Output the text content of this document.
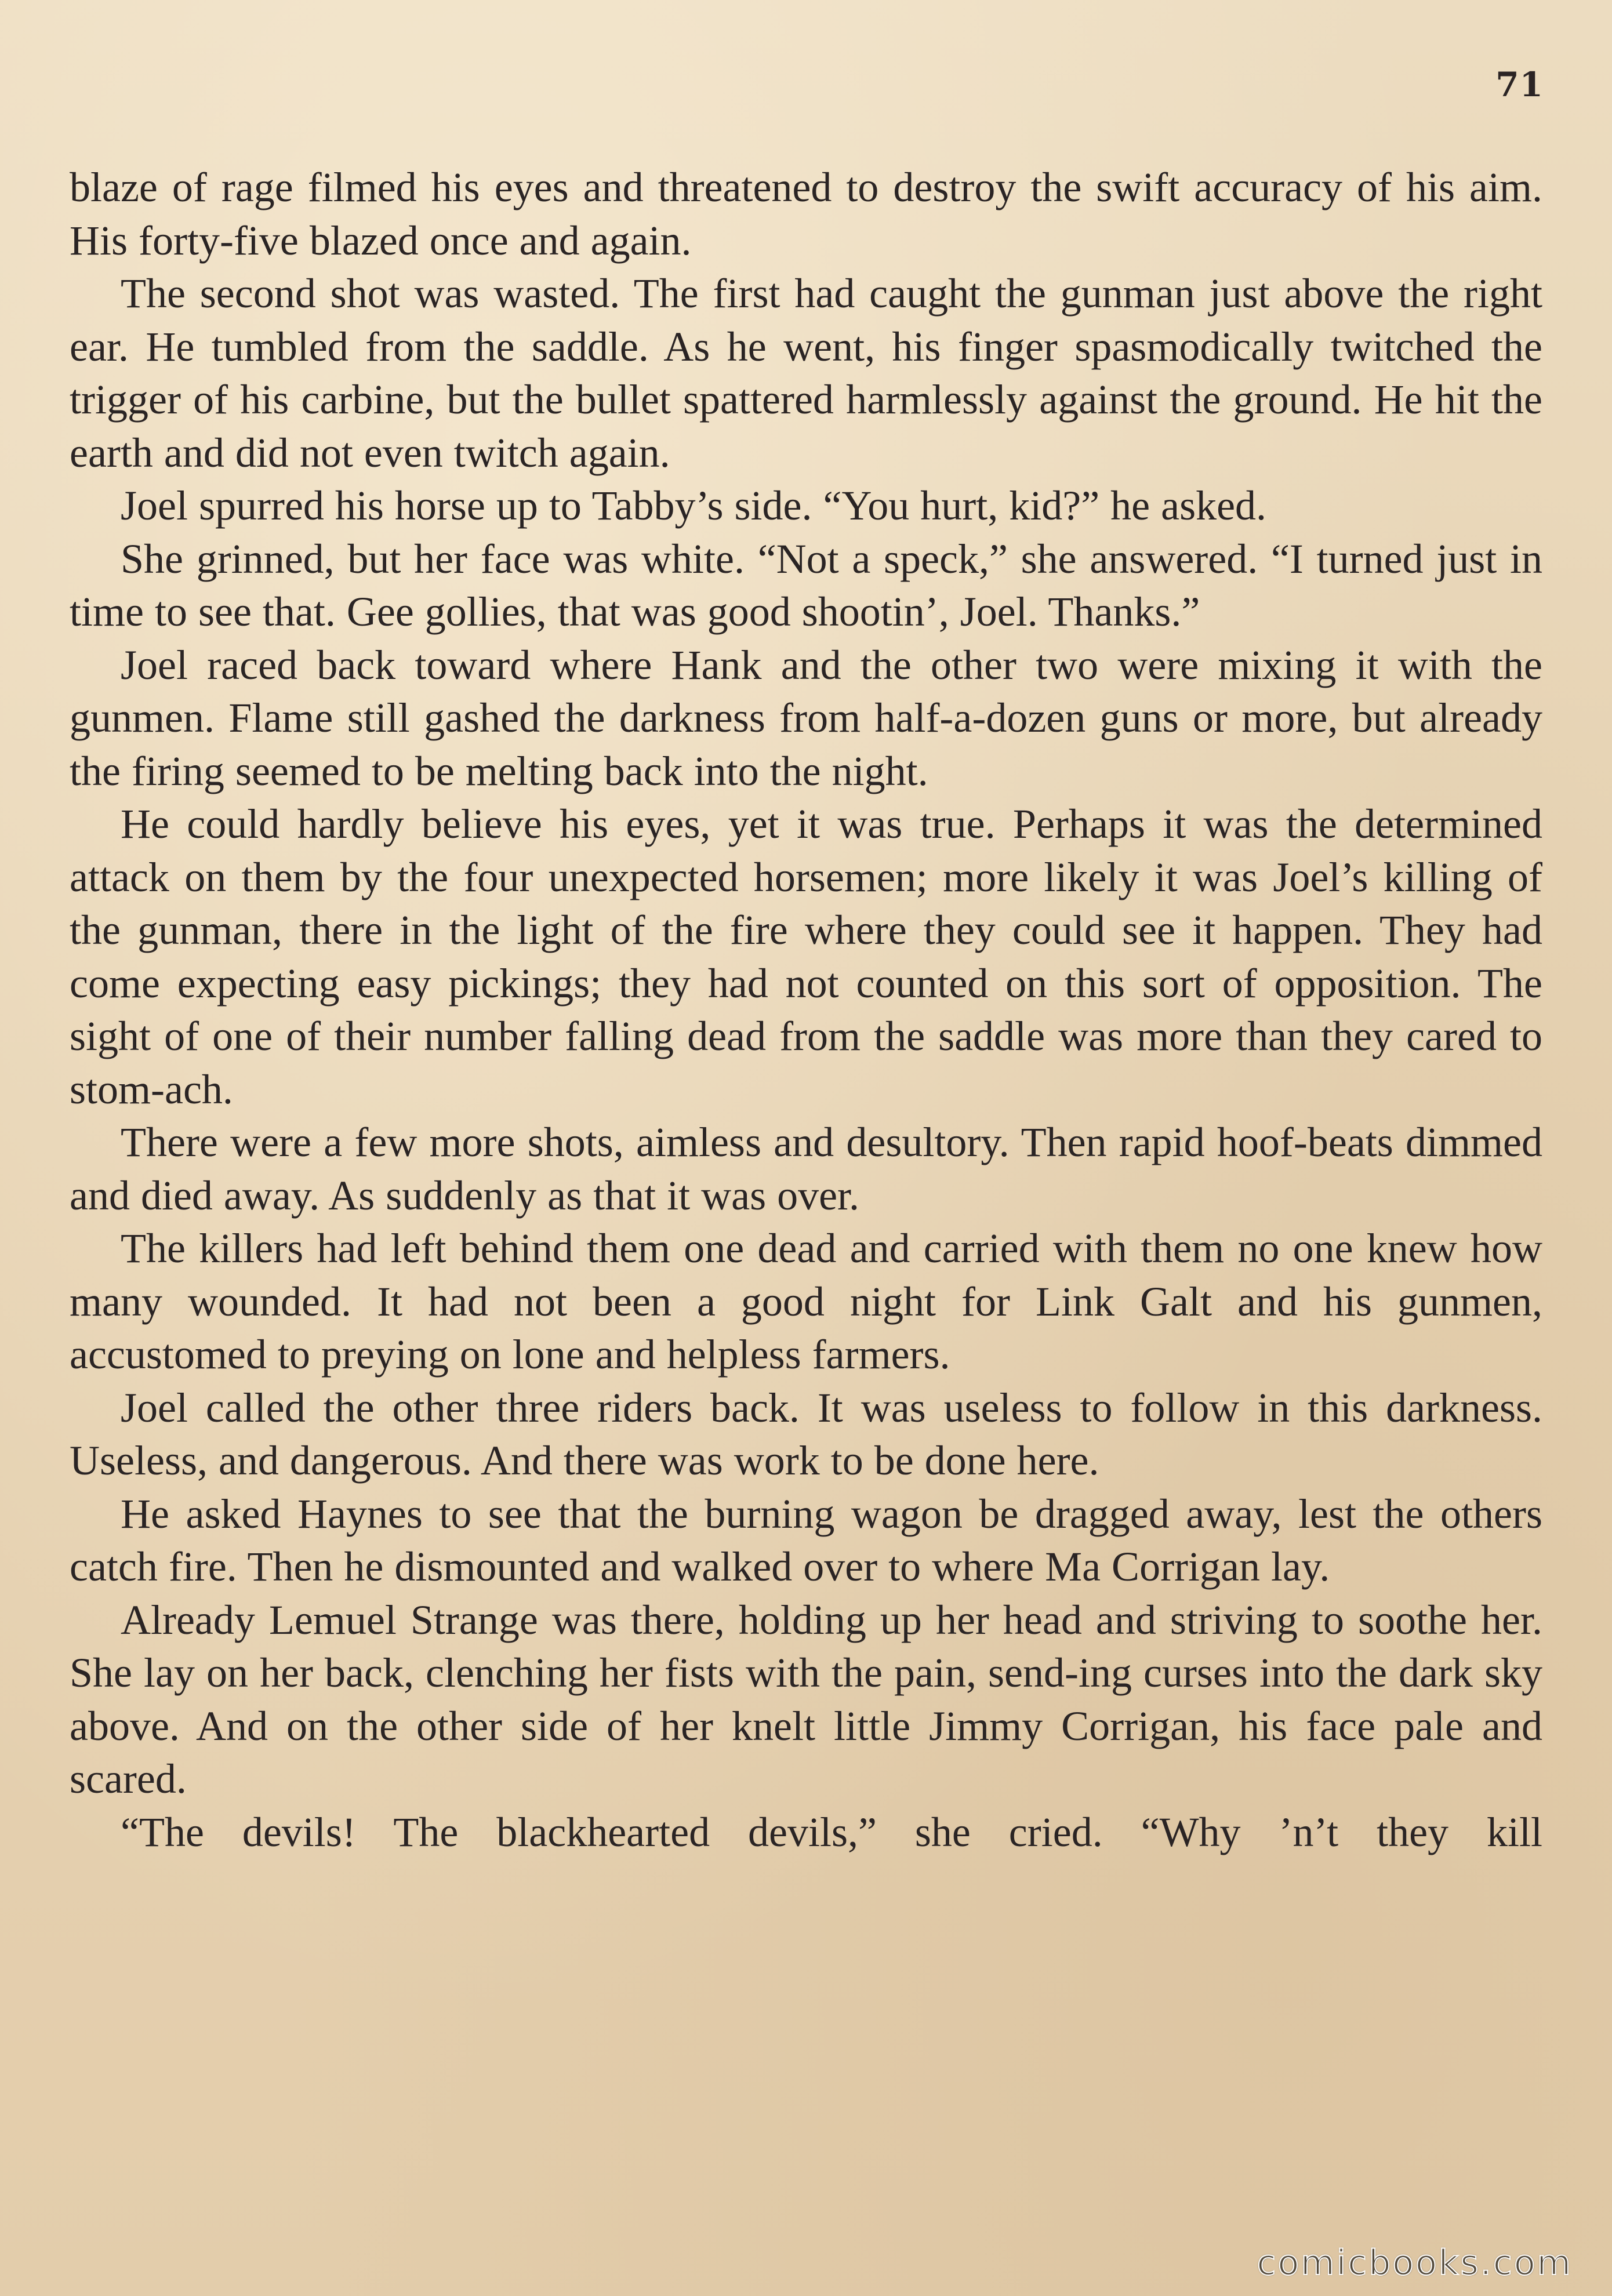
71

blaze of rage filmed his eyes and threatened to destroy the swift accuracy of his aim. His forty-five blazed once and again.

The second shot was wasted. The first had caught the gunman just above the right ear. He tumbled from the saddle. As he went, his finger spasmodically twitched the trigger of his carbine, but the bullet spattered harmlessly against the ground. He hit the earth and did not even twitch again.

Joel spurred his horse up to Tabby’s side. “You hurt, kid?” he asked.

She grinned, but her face was white. “Not a speck,” she answered. “I turned just in time to see that. Gee gollies, that was good shootin’, Joel. Thanks.”

Joel raced back toward where Hank and the other two were mixing it with the gunmen. Flame still gashed the darkness from half-a-dozen guns or more, but already the firing seemed to be melting back into the night.

He could hardly believe his eyes, yet it was true. Perhaps it was the determined attack on them by the four unexpected horsemen; more likely it was Joel’s killing of the gunman, there in the light of the fire where they could see it happen. They had come expecting easy pickings; they had not counted on this sort of opposition. The sight of one of their number falling dead from the saddle was more than they cared to stom-ach.

There were a few more shots, aimless and desultory. Then rapid hoof-beats dimmed and died away. As suddenly as that it was over.

The killers had left behind them one dead and carried with them no one knew how many wounded. It had not been a good night for Link Galt and his gunmen, accustomed to preying on lone and helpless farmers.

Joel called the other three riders back. It was useless to follow in this darkness. Useless, and dangerous. And there was work to be done here.

He asked Haynes to see that the burning wagon be dragged away, lest the others catch fire. Then he dismounted and walked over to where Ma Corrigan lay.

Already Lemuel Strange was there, holding up her head and striving to soothe her. She lay on her back, clenching her fists with the pain, send-ing curses into the dark sky above. And on the other side of her knelt little Jimmy Corrigan, his face pale and scared.

“The devils! The blackhearted devils,” she cried. “Why ’n’t they kill

comicbooks.com
